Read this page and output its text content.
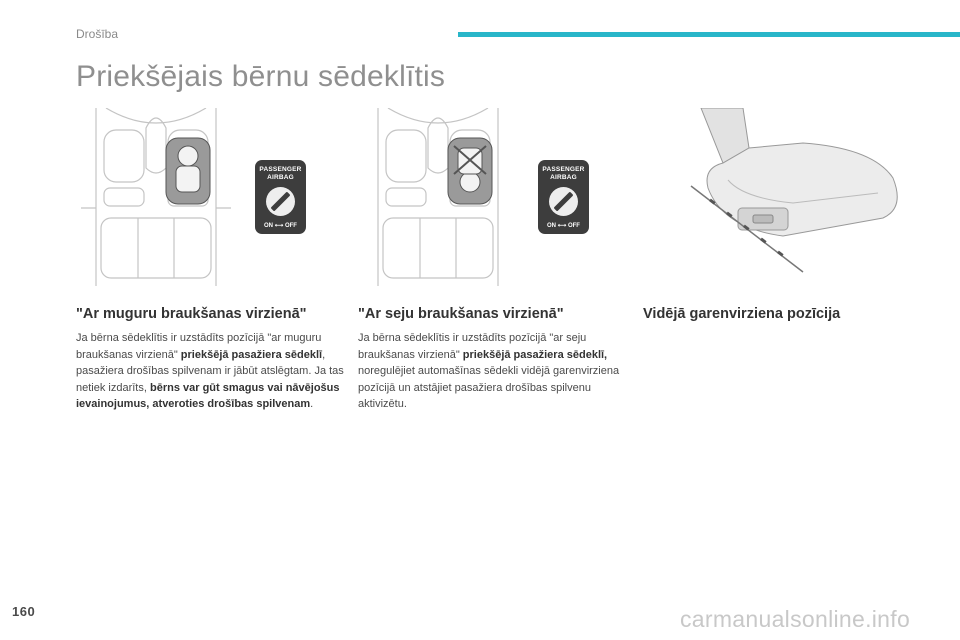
Drošība
Priekšējais bērnu sēdeklītis
PASSENGER
AIRBAG
ON ⟷ OFF
PASSENGER
AIRBAG
ON ⟷ OFF
"Ar muguru braukšanas virzienā"	"Ar seju braukšanas virzienā"	Vidējā garenvirziena pozīcija

Ja bērna sēdeklītis ir uzstādīts pozīcijā "ar muguru braukšanas virzienā" priekšējā pasažiera sēdeklī, pasažiera drošības spilvenam ir jābūt atslēgtam. Ja tas netiek izdarīts, bērns var gūt smagus vai nāvējošus ievainojumus, atveroties drošības spilvenam.

Ja bērna sēdeklītis ir uzstādīts pozīcijā "ar seju braukšanas virzienā" priekšējā pasažiera sēdeklī, noregulējiet automašīnas sēdekli vidējā garenvirziena pozīcijā un atstājiet pasažiera drošības spilvenu aktivizētu.

160	carmanualsonline.info
